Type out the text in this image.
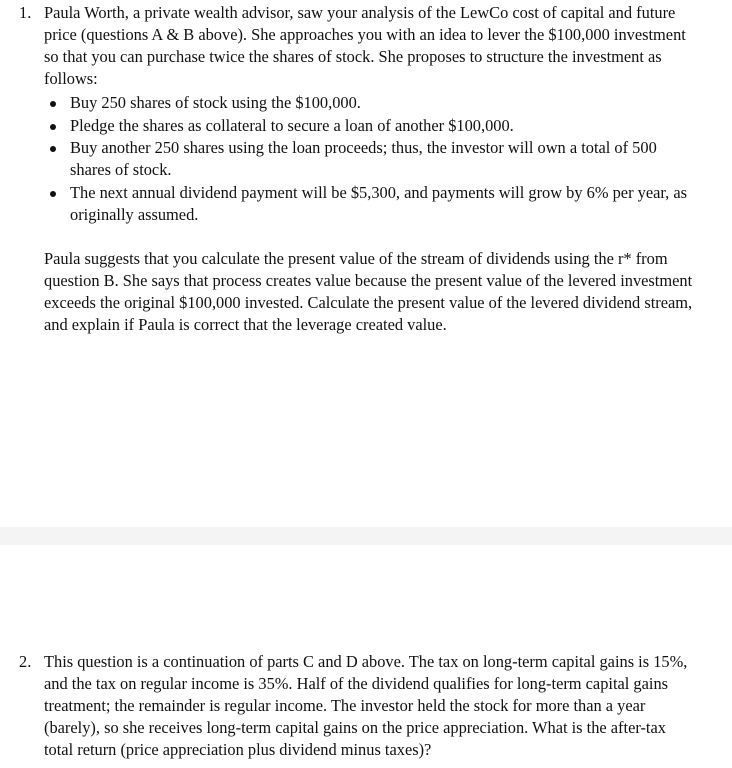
1. Paula Worth, a private wealth advisor, saw your analysis of the LewCo cost of capital and future price (questions A & B above). She approaches you with an idea to lever the $100,000 investment so that you can purchase twice the shares of stock. She proposes to structure the investment as follows:

Buy 250 shares of stock using the $100,000.
Pledge the shares as collateral to secure a loan of another $100,000.
Buy another 250 shares using the loan proceeds; thus, the investor will own a total of 500 shares of stock.
The next annual dividend payment will be $5,300, and payments will grow by 6% per year, as originally assumed.

Paula suggests that you calculate the present value of the stream of dividends using the r* from question B. She says that process creates value because the present value of the levered investment exceeds the original $100,000 invested. Calculate the present value of the levered dividend stream, and explain if Paula is correct that the leverage created value.

2. This question is a continuation of parts C and D above. The tax on long-term capital gains is 15%, and the tax on regular income is 35%. Half of the dividend qualifies for long-term capital gains treatment; the remainder is regular income. The investor held the stock for more than a year (barely), so she receives long-term capital gains on the price appreciation. What is the after-tax total return (price appreciation plus dividend minus taxes)?
